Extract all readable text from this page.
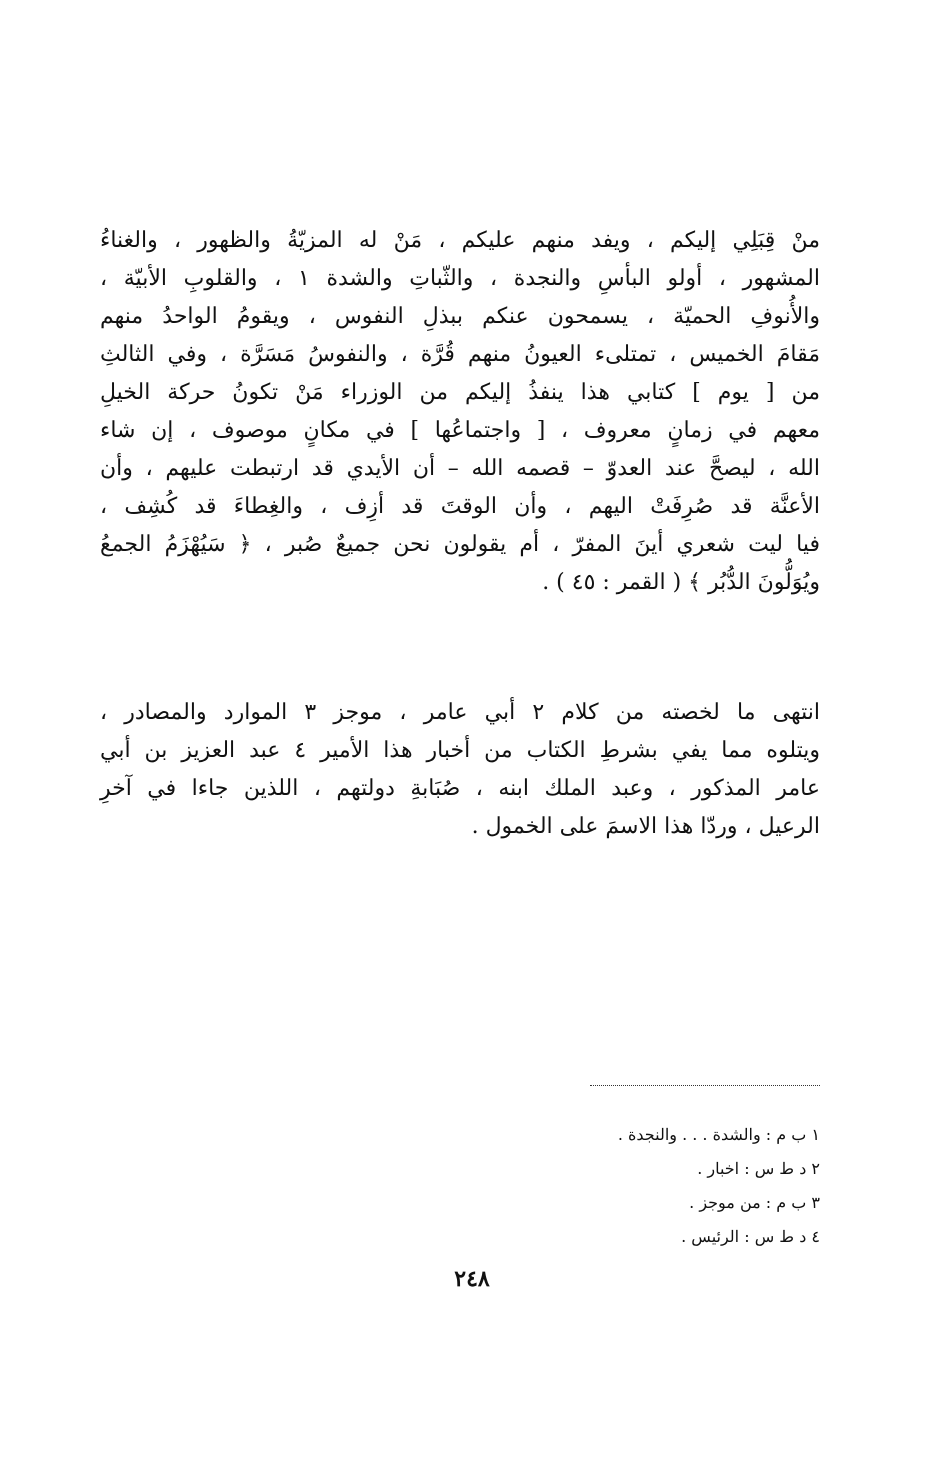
منْ قِبَلِي إليكم ، ويفد منهم عليكم ، مَنْ له المزيّةُ والظهور ، والغناءُ
المشهور ، أولو البأسِ والنجدة ، والثّباتِ والشدة ١ ، والقلوبِ الأبيّة ،
والأُنوفِ الحميّة ، يسمحون عنكم ببذلِ النفوس ، ويقومُ الواحدُ منهم
مَقامَ الخميس ، تمتلىء العيونُ منهم قُرَّة ، والنفوسُ مَسَرَّة ، وفي الثالثِ
من [ يوم ] كتابي هذا ينفذُ إليكم من الوزراء مَنْ تكونُ حركة الخيلِ
معهم في زمانٍ معروف ، [ واجتماعُها ] في مكانٍ موصوف ، إن شاء
الله ، ليصحَّ عند العدوّ – قصمه الله – أن الأيدي قد ارتبطت عليهم ، وأن
الأعنَّة قد صُرِفَتْ اليهم ، وأن الوقتَ قد أزِف ، والغِطاءَ قد كُشِف ،
فيا ليت شعري أينَ المفرّ ، أم يقولون نحن جميعٌ صُبر ، ﴿ سَيُهْزَمُ الجمعُ
ويُوَلُّونَ الدُّبُر ﴾ ( القمر : ٤٥ ) .
انتهى ما لخصته من كلام ٢ أبي عامر ، موجز ٣ الموارد والمصادر ،
ويتلوه مما يفي بشرطِ الكتاب من أخبار هذا الأمير ٤ عبد العزيز بن أبي
عامر المذكور ، وعبد الملك ابنه ، صُبَابةِ دولتهم ، اللذين جاءا في آخرِ
الرعيل ، وردّا هذا الاسمَ على الخمول .
١ ب م : والشدة . . . والنجدة .
٢ د ط س : اخبار .
٣ ب م : من موجز .
٤ د ط س : الرئيس .
٢٤٨
